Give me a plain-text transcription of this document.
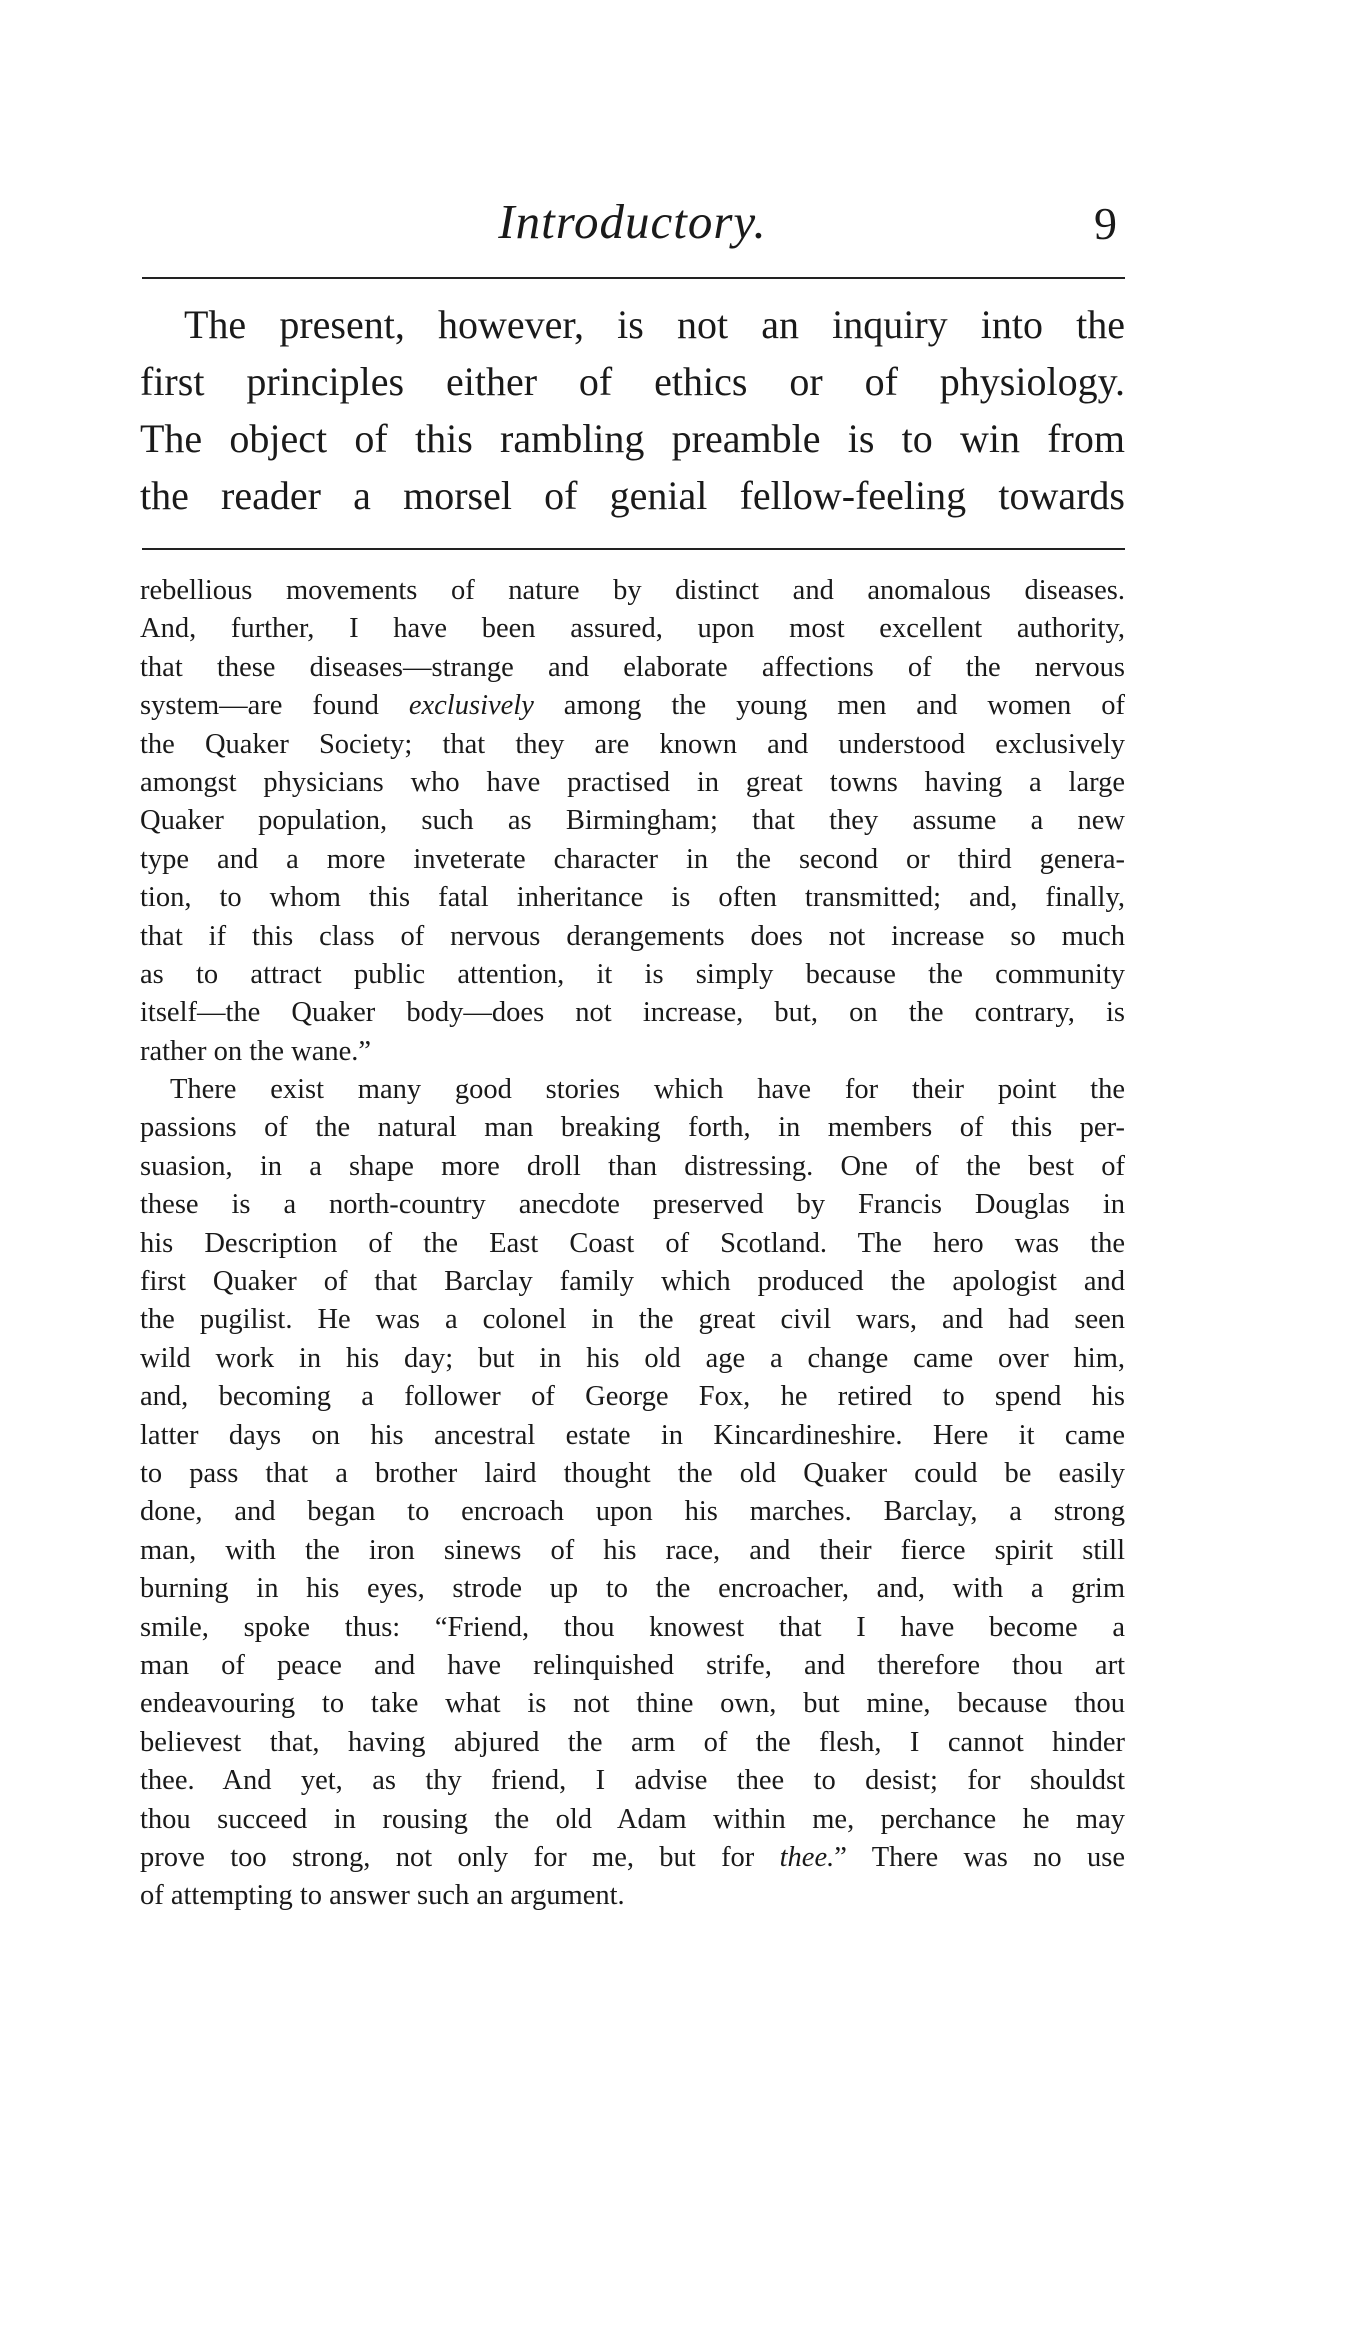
Introductory.	9
The present, however, is not an inquiry into the
first principles either of ethics or of physiology.
The object of this rambling preamble is to win from
the reader a morsel of genial fellow-feeling towards
rebellious movements of nature by distinct and anomalous diseases.
And, further, I have been assured, upon most excellent authority,
that these diseases—strange and elaborate affections of the nervous
system—are found exclusively among the young men and women of
the Quaker Society; that they are known and understood exclusively
amongst physicians who have practised in great towns having a large
Quaker population, such as Birmingham; that they assume a new
type and a more inveterate character in the second or third genera-
tion, to whom this fatal inheritance is often transmitted; and, finally,
that if this class of nervous derangements does not increase so much
as to attract public attention, it is simply because the community
itself—the Quaker body—does not increase, but, on the contrary, is
rather on the wane.”
There exist many good stories which have for their point the
passions of the natural man breaking forth, in members of this per-
suasion, in a shape more droll than distressing. One of the best of
these is a north-country anecdote preserved by Francis Douglas in
his Description of the East Coast of Scotland. The hero was the
first Quaker of that Barclay family which produced the apologist and
the pugilist. He was a colonel in the great civil wars, and had seen
wild work in his day; but in his old age a change came over him,
and, becoming a follower of George Fox, he retired to spend his
latter days on his ancestral estate in Kincardineshire. Here it came
to pass that a brother laird thought the old Quaker could be easily
done, and began to encroach upon his marches. Barclay, a strong
man, with the iron sinews of his race, and their fierce spirit still
burning in his eyes, strode up to the encroacher, and, with a grim
smile, spoke thus: “Friend, thou knowest that I have become a
man of peace and have relinquished strife, and therefore thou art
endeavouring to take what is not thine own, but mine, because thou
believest that, having abjured the arm of the flesh, I cannot hinder
thee. And yet, as thy friend, I advise thee to desist; for shouldst
thou succeed in rousing the old Adam within me, perchance he may
prove too strong, not only for me, but for thee.” There was no use
of attempting to answer such an argument.
